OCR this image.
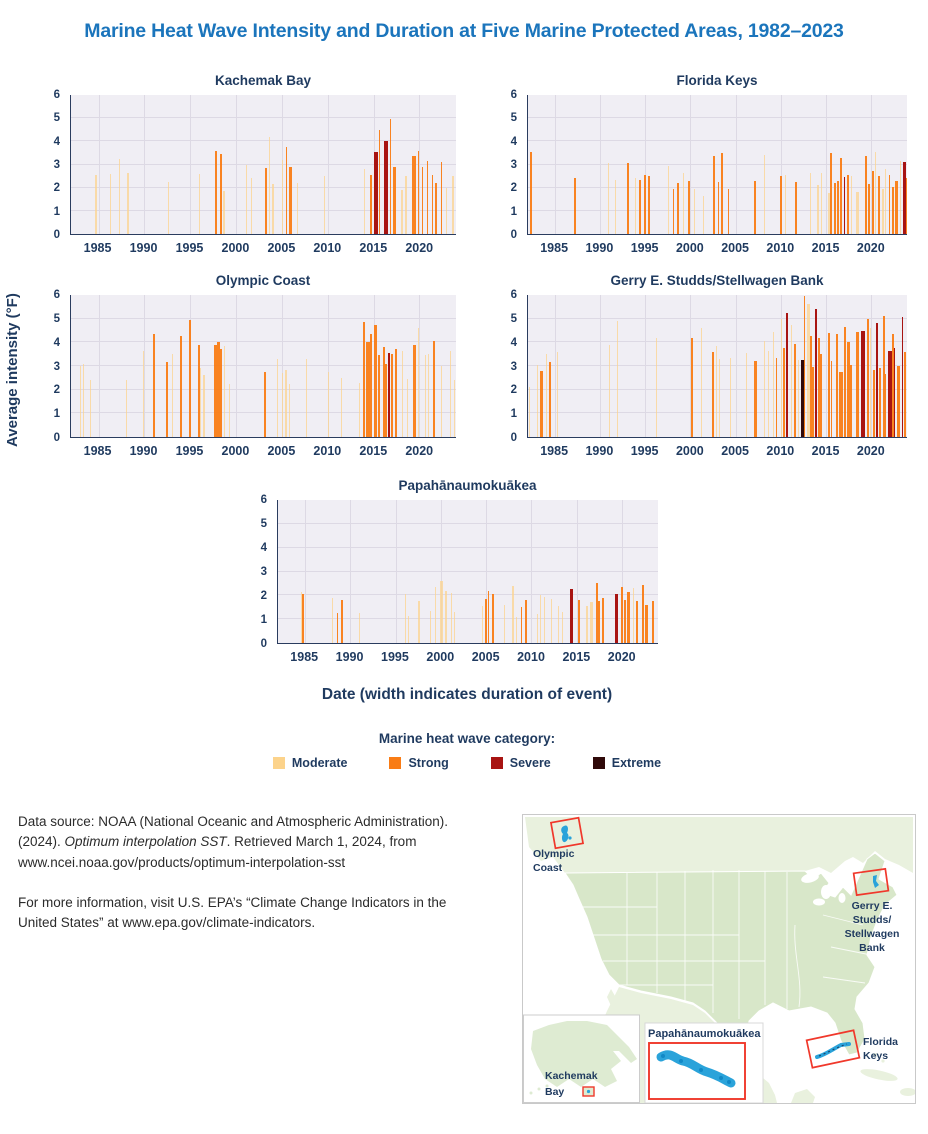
Marine Heat Wave Intensity and Duration at Five Marine Protected Areas, 1982–2023
Kachemak Bay
0
1
2
3
4
5
6
1985 1990 1995 2000 2005 2010 2015 2020
Florida Keys
0
1
2
3
4
5
6
1985 1990 1995 2000 2005 2010 2015 2020
Olympic Coast
0
1
2
3
4
5
6
1985 1990 1995 2000 2005 2010 2015 2020
Gerry E. Studds/Stellwagen Bank
0
1
2
3
4
5
6
1985 1990 1995 2000 2005 2010 2015 2020
Papahānaumokuākea
0
1
2
3
4
5
6
1985 1990 1995 2000 2005 2010 2015 2020
Average intensity (°F)
Date (width indicates duration of event)
Marine heat wave category:
Moderate	Strong	Severe	Extreme

Data source: NOAA (National Oceanic and Atmospheric Administration). (2024). Optimum interpolation SST. Retrieved March 1, 2024, from www.ncei.noaa.gov/products/optimum-interpolation-sst

For more information, visit U.S. EPA’s “Climate Change Indicators in the United States” at www.epa.gov/climate-indicators.

Olympic
Coast
Gerry E.
Studds/
Stellwagen
Bank
Florida
Keys
Kachemak
Bay
Papahānaumokuākea
